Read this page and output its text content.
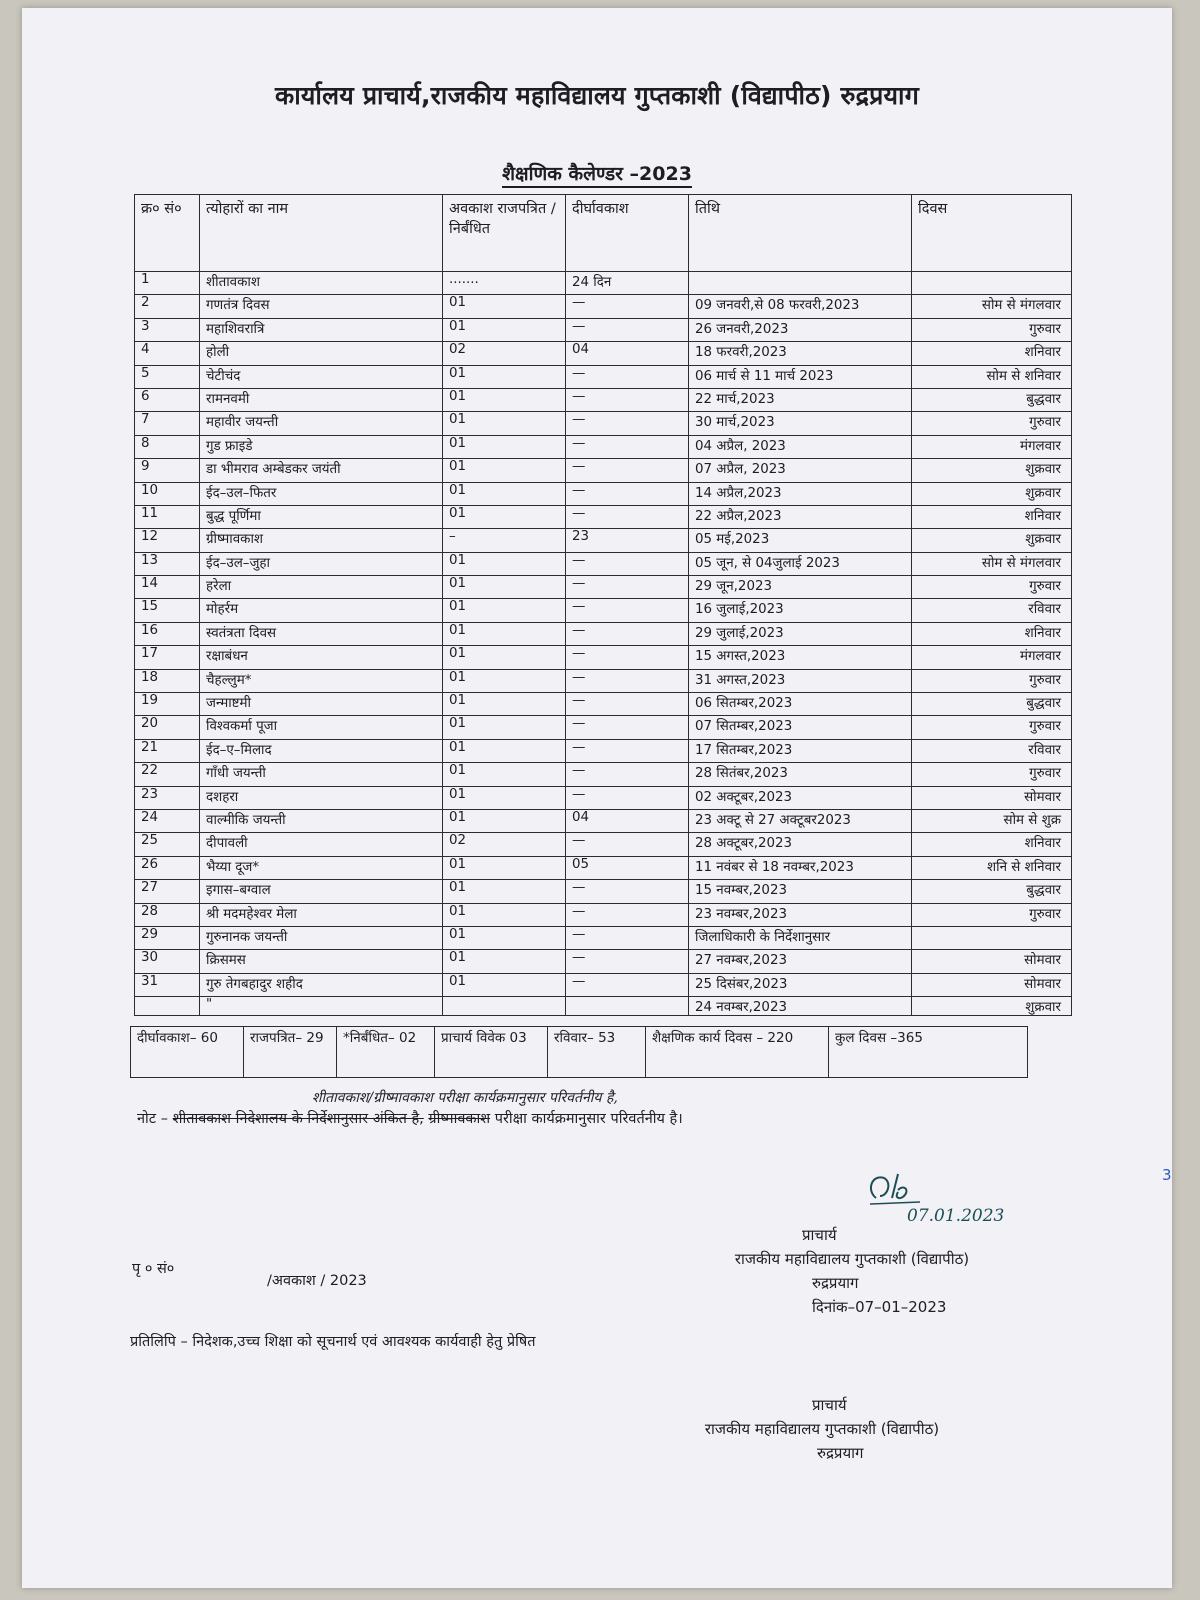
कार्यालय प्राचार्य,राजकीय महाविद्यालय गुप्तकाशी (विद्यापीठ) रुद्रप्रयाग
शैक्षणिक कैलेण्डर –2023
क्र० सं०	त्योहारों का नाम	अवकाश राजपत्रित / निर्बंधित	दीर्घावकाश	तिथि	दिवस
1	शीतावकाश	.......	24 दिन		
2	गणतंत्र दिवस	01	—	09 जनवरी,से 08 फरवरी,2023	सोम से मंगलवार
3	महाशिवरात्रि	01	—	26 जनवरी,2023	गुरुवार
4	होली	02	04	18 फरवरी,2023	शनिवार
5	चेटीचंद	01	—	06 मार्च से 11 मार्च 2023	सोम से शनिवार
6	रामनवमी	01	—	22 मार्च,2023	बुद्धवार
7	महावीर जयन्ती	01	—	30 मार्च,2023	गुरुवार
8	गुड फ्राइडे	01	—	04 अप्रैल, 2023	मंगलवार
9	डा भीमराव अम्बेडकर जयंती	01	—	07 अप्रैल, 2023	शुक्रवार
10	ईद–उल–फितर	01	—	14 अप्रैल,2023	शुक्रवार
11	बुद्ध पूर्णिमा	01	—	22 अप्रैल,2023	शनिवार
12	ग्रीष्मावकाश	–	23	05 मई,2023	शुक्रवार
13	ईद–उल–जुहा	01	—	05 जून, से 04जुलाई 2023	सोम से मंगलवार
14	हरेला	01	—	29 जून,2023	गुरुवार
15	मोहर्रम	01	—	16 जुलाई,2023	रविवार
16	स्वतंत्रता दिवस	01	—	29 जुलाई,2023	शनिवार
17	रक्षाबंधन	01	—	15 अगस्त,2023	मंगलवार
18	चैहल्लुम*	01	—	31 अगस्त,2023	गुरुवार
19	जन्माष्टमी	01	—	06 सितम्बर,2023	बुद्धवार
20	विश्वकर्मा पूजा	01	—	07 सितम्बर,2023	गुरुवार
21	ईद–ए–मिलाद	01	—	17 सितम्बर,2023	रविवार
22	गाँधी जयन्ती	01	—	28 सितंबर,2023	गुरुवार
23	दशहरा	01	—	02 अक्टूबर,2023	सोमवार
24	वाल्मीकि जयन्ती	01	04	23 अक्टू से 27 अक्टूबर2023	सोम से शुक्र
25	दीपावली	02	—	28 अक्टूबर,2023	शनिवार
26	भैय्या दूज*	01	05	11 नवंबर से 18 नवम्बर,2023	शनि से शनिवार
27	इगास–बग्वाल	01	—	15 नवम्बर,2023	बुद्धवार
28	श्री मदमहेश्वर मेला	01	—	23 नवम्बर,2023	गुरुवार
29	गुरुनानक जयन्ती	01	—	जिलाधिकारी के निर्देशानुसार	
30	क्रिसमस	01	—	27 नवम्बर,2023	सोमवार
31	गुरु तेगबहादुर शहीद	01	—	25 दिसंबर,2023	सोमवार
	"			24 नवम्बर,2023	शुक्रवार
दीर्घावकाश– 60	राजपत्रित– 29	*निर्बंधित– 02	प्राचार्य विवेक 03	रविवार– 53	शैक्षणिक कार्य दिवस – 220	कुल दिवस –365
शीतावकाश/ग्रीष्मावकाश परीक्षा कार्यक्रमानुसार परिवर्तनीय है,
नोट – शीतावकाश निदेशालय के निर्देशानुसार अंकित है, ग्रीष्मावकाश परीक्षा कार्यक्रमानुसार परिवर्तनीय है।
07.01.2023
3
प्राचार्य
राजकीय महाविद्यालय गुप्तकाशी (विद्यापीठ)
रुद्रप्रयाग
दिनांक–07–01–2023
पृ ० सं०
/अवकाश / 2023
प्रतिलिपि – निदेशक,उच्च शिक्षा को सूचनार्थ एवं आवश्यक कार्यवाही हेतु प्रेषित
प्राचार्य
राजकीय महाविद्यालय गुप्तकाशी (विद्यापीठ)
रुद्रप्रयाग
